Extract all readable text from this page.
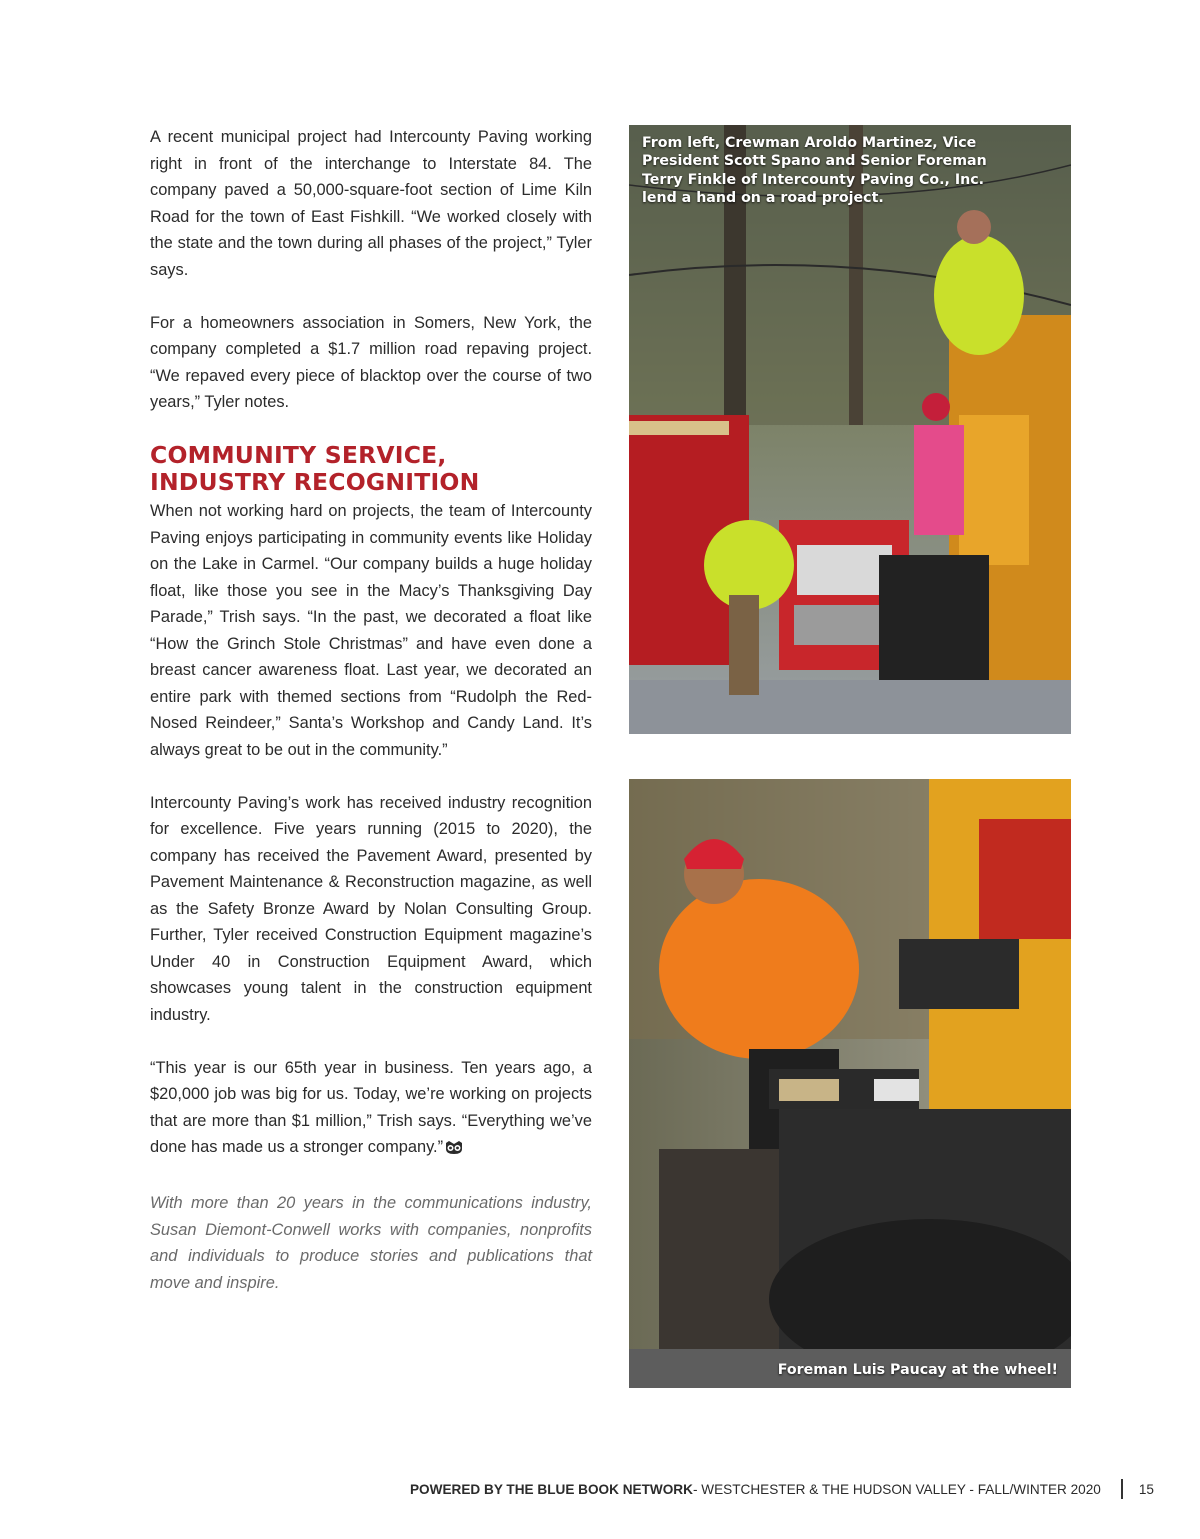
A recent municipal project had Intercounty Paving working right in front of the interchange to Interstate 84. The company paved a 50,000-square-foot section of Lime Kiln Road for the town of East Fishkill. “We worked closely with the state and the town during all phases of the project,” Tyler says.

For a homeowners association in Somers, New York, the company completed a $1.7 million road repaving project. “We repaved every piece of blacktop over the course of two years,” Tyler notes.

COMMUNITY SERVICE,
INDUSTRY RECOGNITION

When not working hard on projects, the team of Intercounty Paving enjoys participating in community events like Holiday on the Lake in Carmel. “Our company builds a huge holiday float, like those you see in the Macy’s Thanksgiving Day Parade,” Trish says. “In the past, we decorated a float like “How the Grinch Stole Christmas” and have even done a breast cancer awareness float. Last year, we decorated an entire park with themed sections from “Rudolph the Red-Nosed Reindeer,” Santa’s Workshop and Candy Land. It’s always great to be out in the community.”

Intercounty Paving’s work has received industry recognition for excellence. Five years running (2015 to 2020), the company has received the Pavement Award, presented by Pavement Maintenance & Reconstruction magazine, as well as the Safety Bronze Award by Nolan Consulting Group. Further, Tyler received Construction Equipment magazine’s Under 40 in Construction Equipment Award, which showcases young talent in the construction equipment industry.

“This year is our 65th year in business. Ten years ago, a $20,000 job was big for us. Today, we’re working on projects that are more than $1 million,” Trish says. “Everything we’ve done has made us a stronger company.”

With more than 20 years in the communications industry, Susan Diemont-Conwell works with companies, nonprofits and individuals to produce stories and publications that move and inspire.

From left, Crewman Aroldo Martinez, Vice President Scott Spano and Senior Foreman Terry Finkle of Intercounty Paving Co., Inc. lend a hand on a road project.
Foreman Luis Paucay at the wheel!
POWERED BY THE BLUE BOOK NETWORK - WESTCHESTER & THE HUDSON VALLEY - FALL/WINTER 2020	15
